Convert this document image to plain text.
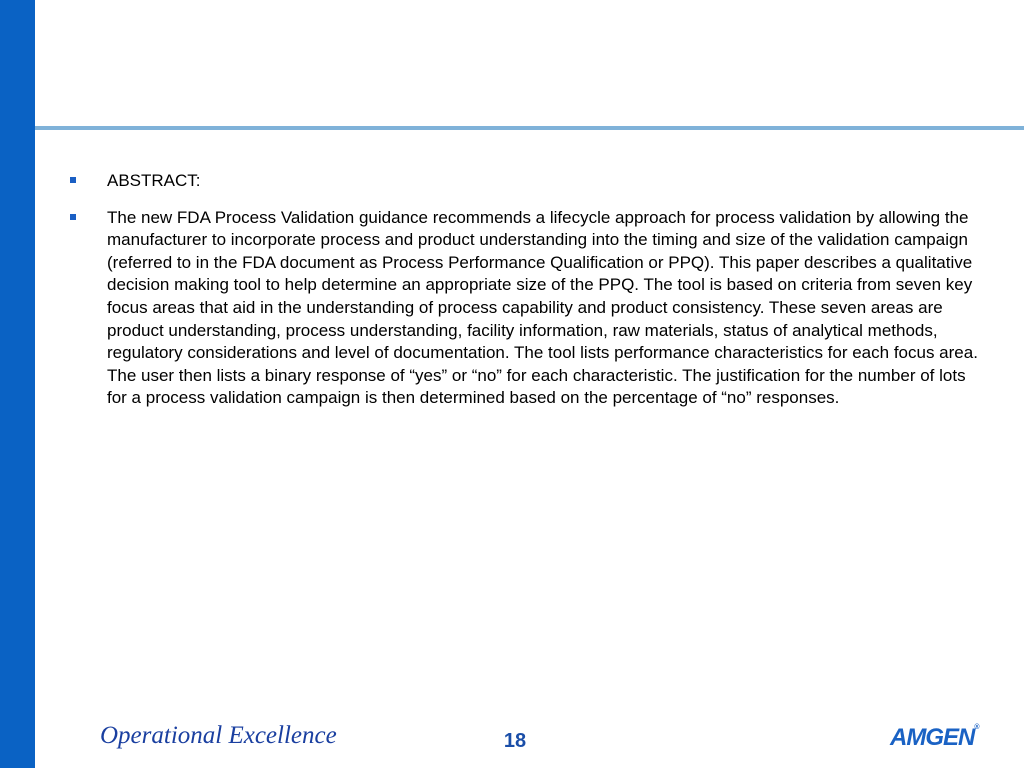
ABSTRACT:
The new FDA Process Validation guidance recommends a lifecycle approach for process validation by allowing the manufacturer to incorporate process and product understanding into the timing and size of the validation campaign (referred to in the FDA document as Process Performance Qualification or PPQ). This paper describes a qualitative decision making tool to help determine an appropriate size of the PPQ. The tool is based on criteria from seven key focus areas that aid in the understanding of process capability and product consistency. These seven areas are product understanding, process understanding, facility information, raw materials, status of analytical methods, regulatory considerations and level of documentation. The tool lists performance characteristics for each focus area. The user then lists a binary response of “yes” or “no” for each characteristic. The justification for the number of lots for a process validation campaign is then determined based on the percentage of “no” responses.
Operational Excellence	18	AMGEN®
